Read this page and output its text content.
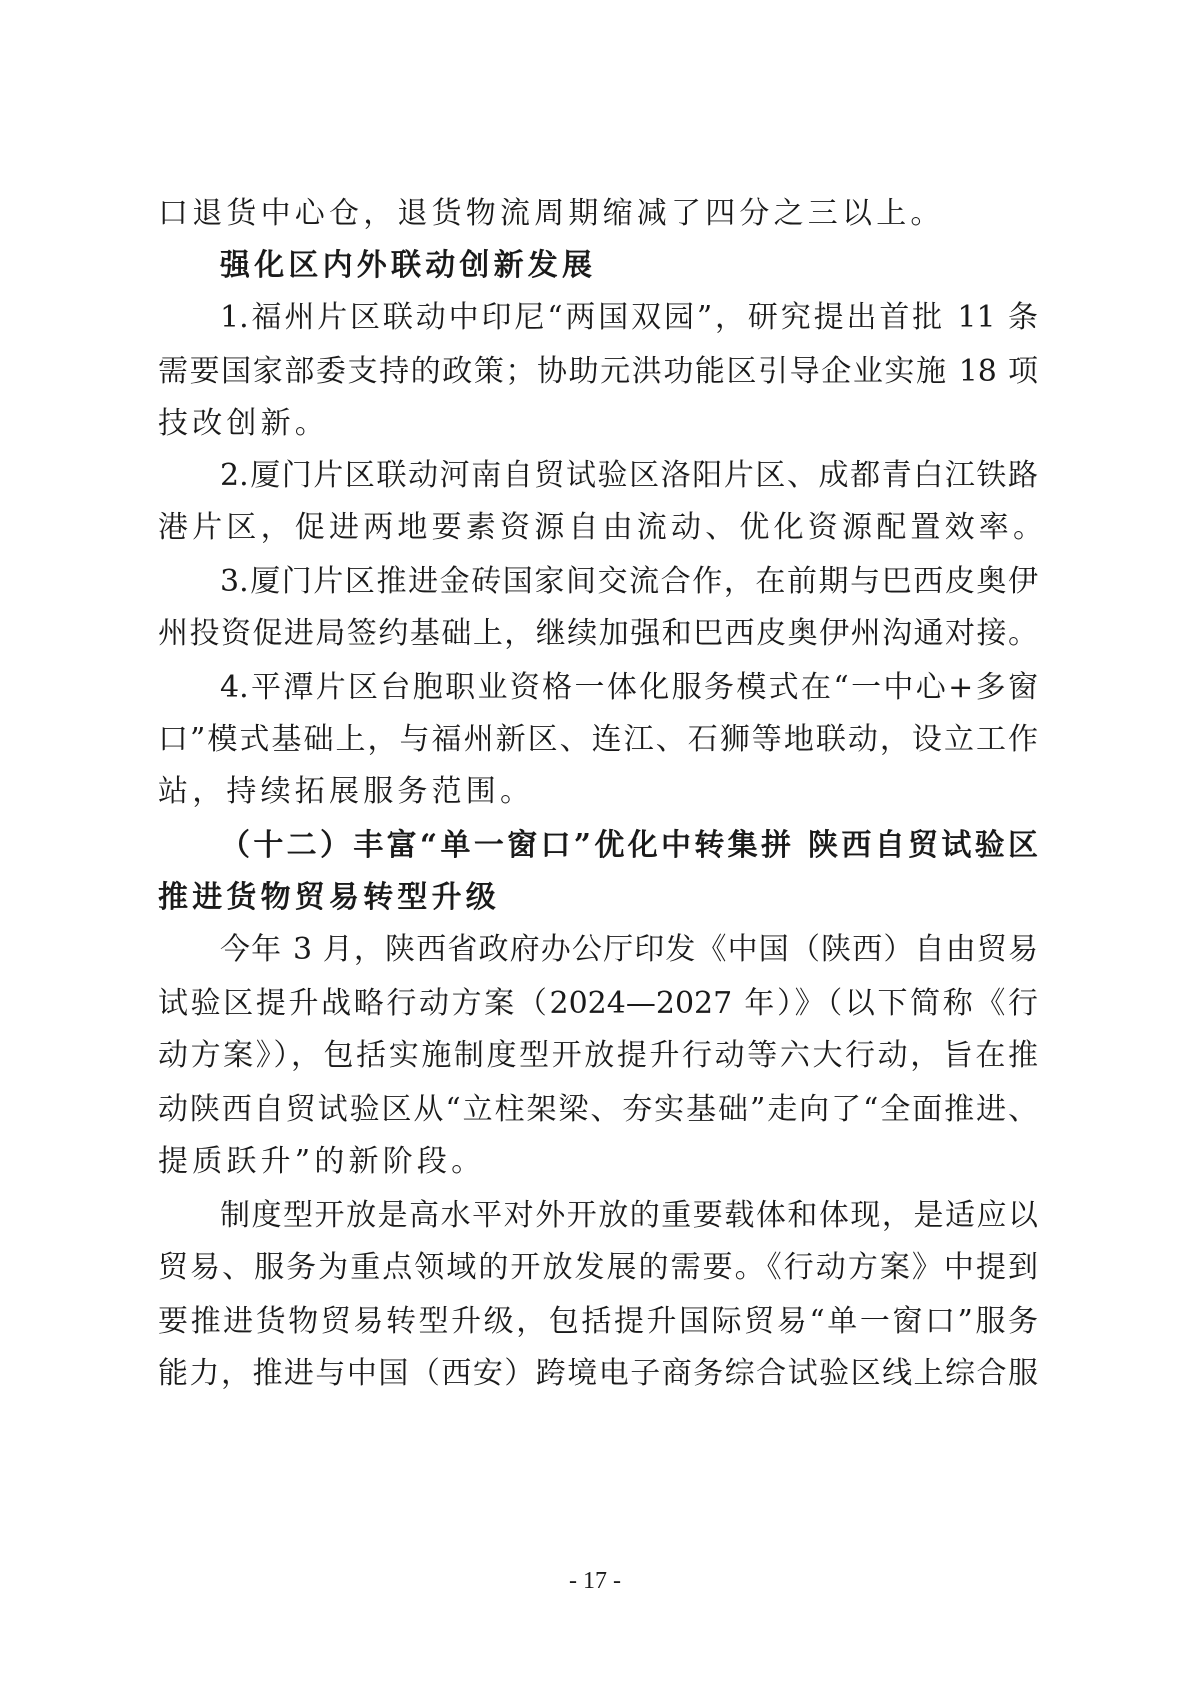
口退货中心仓，退货物流周期缩减了四分之三以上。
强化区内外联动创新发展
1.福州片区联动中印尼“两国双园”，研究提出首批 11 条
需要国家部委支持的政策；协助元洪功能区引导企业实施 18 项
技改创新。
2.厦门片区联动河南自贸试验区洛阳片区、成都青白江铁路
港片区，促进两地要素资源自由流动、优化资源配置效率。
3.厦门片区推进金砖国家间交流合作，在前期与巴西皮奥伊
州投资促进局签约基础上，继续加强和巴西皮奥伊州沟通对接。
4.平潭片区台胞职业资格一体化服务模式在“一中心+多窗
口”模式基础上，与福州新区、连江、石狮等地联动，设立工作
站，持续拓展服务范围。
（十二）丰富“单一窗口”优化中转集拼 陕西自贸试验区
推进货物贸易转型升级
今年 3 月，陕西省政府办公厅印发《中国（陕西）自由贸易
试验区提升战略行动方案（2024—2027 年）》（以下简称《行
动方案》），包括实施制度型开放提升行动等六大行动，旨在推
动陕西自贸试验区从“立柱架梁、夯实基础”走向了“全面推进、
提质跃升”的新阶段。
制度型开放是高水平对外开放的重要载体和体现，是适应以
贸易、服务为重点领域的开放发展的需要。《行动方案》中提到
要推进货物贸易转型升级，包括提升国际贸易“单一窗口”服务
能力，推进与中国（西安）跨境电子商务综合试验区线上综合服
- 17 -
